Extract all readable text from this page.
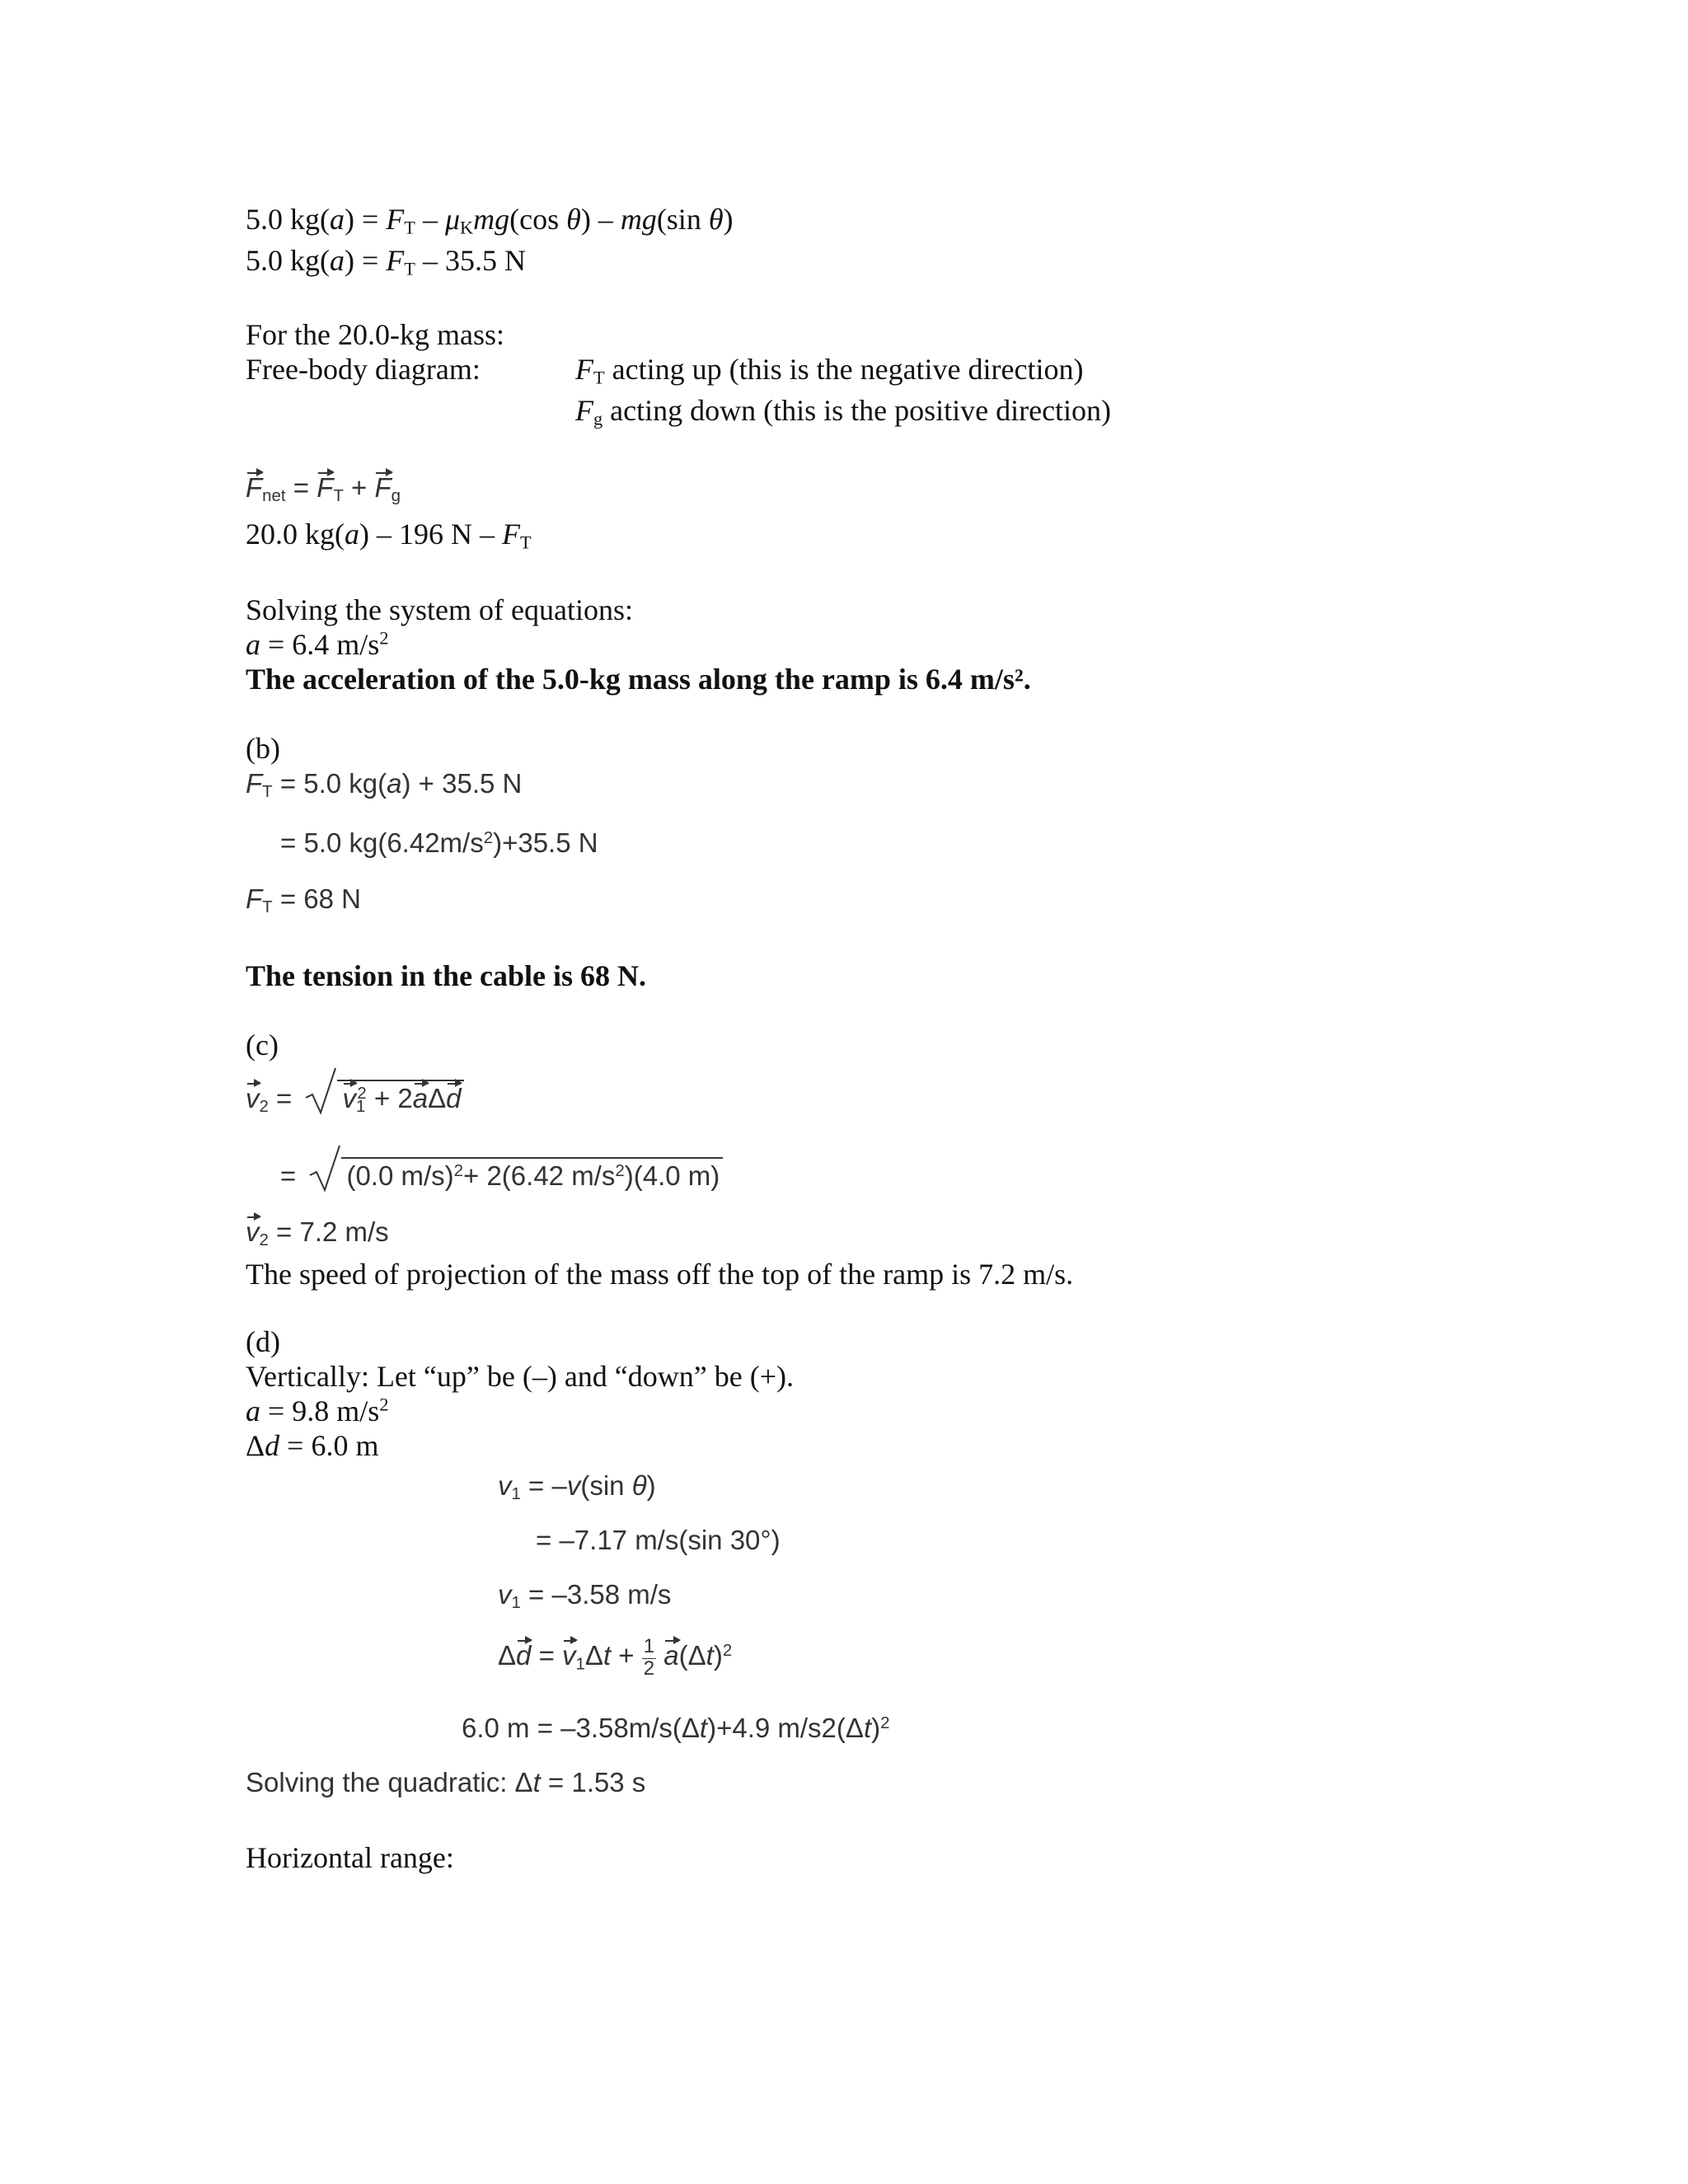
5.0 $kg(a) = F_T - \mu_Kmg(\cos$ θ) – mg(sin θ)
5.0 $kg(a) = F_T - 35.5$ N
For the 20.0-kg mass:
Free-body diagram:	$F_T$ acting up (this is the negative direction)
$F_g$ acting down (this is the positive direction)
$F_{net} = F_T + F_g$
20.0 kg(a) – 196 N – $F_T$
Solving the system of equations:
a = 6.4 $m/s^2$
The acceleration of the 5.0-kg mass along the ramp is 6.4 m/s².
(b)
$F_T = 5.0$ kg(a) + 35.5 N
= 5.0 $kg(6.42m/s^2)+35.5$ N
$F_T = 68$ N
The tension in the cable is 68 N.
(c)
$v_2$ =
$v_1^2 + 2a\Delta d$
=
(0.0 m/s)$^2$+ 2(6.42 $m/s^2)(4.0$ m)
$v_2 = 7.2$ m/s
The speed of projection of the mass off the top of the ramp is 7.2 m/s.
(d)
Vertically: Let “up” be (–) and “down” be (+).
a = 9.8 $m/s^2$
Δd = 6.0 m
$v_1 = -v(\sin$ θ)
= –7.17 m/s(sin 30°)
$v_1 = -3.58$ m/s
$\Delta d = v_1\Delta t + \frac{1}{2} a(\Delta t)^2$
6.0 m = –3.58m/s(Δt)+4.9 $m/s2(\Delta t)^2$
Solving the quadratic: Δt = 1.53 s
Horizontal range:
